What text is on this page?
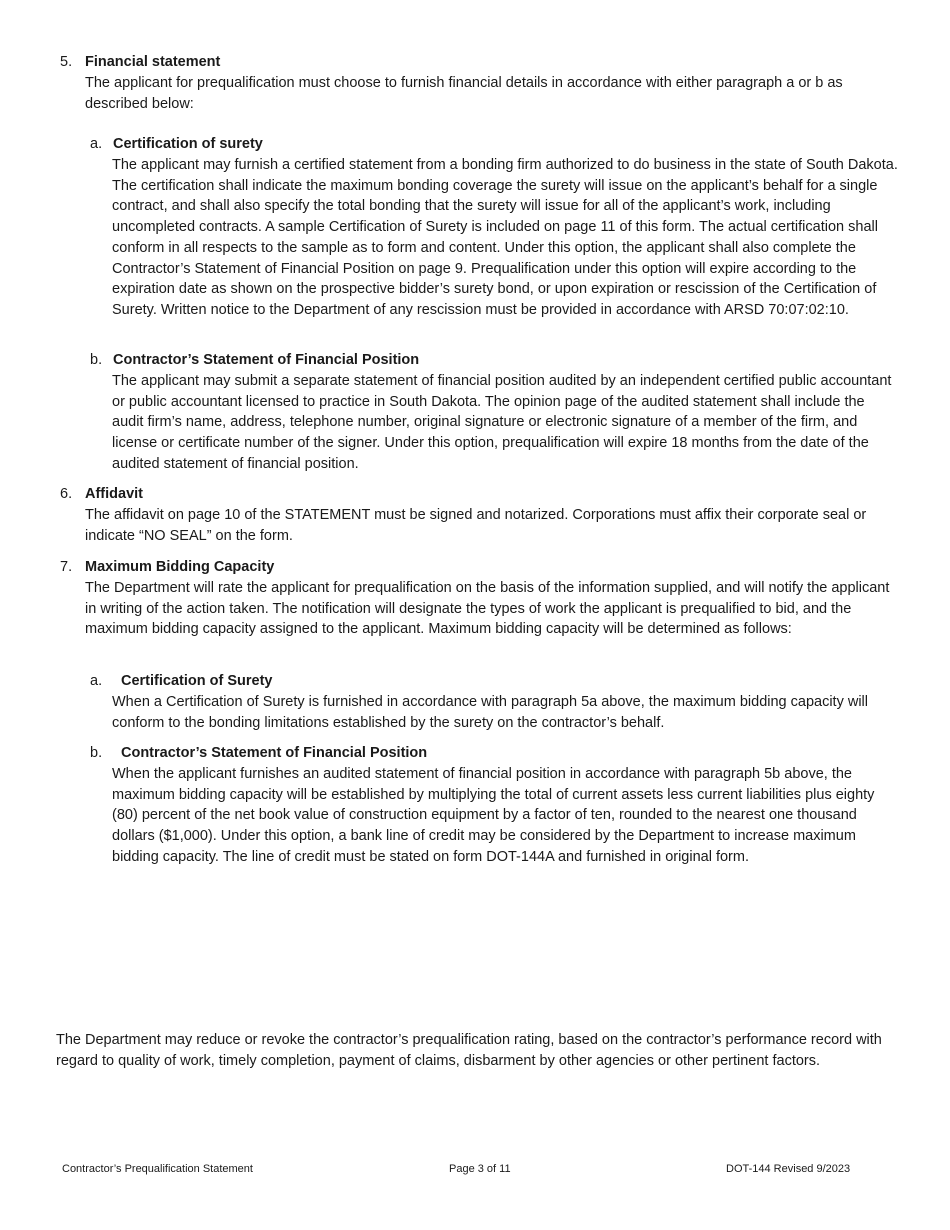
5. Financial statement
The applicant for prequalification must choose to furnish financial details in accordance with either paragraph a or b as described below:
a. Certification of surety
The applicant may furnish a certified statement from a bonding firm authorized to do business in the state of South Dakota. The certification shall indicate the maximum bonding coverage the surety will issue on the applicant’s behalf for a single contract, and shall also specify the total bonding that the surety will issue for all of the applicant’s work, including uncompleted contracts. A sample Certification of Surety is included on page 11 of this form. The actual certification shall conform in all respects to the sample as to form and content. Under this option, the applicant shall also complete the Contractor’s Statement of Financial Position on page 9. Prequalification under this option will expire according to the expiration date as shown on the prospective bidder’s surety bond, or upon expiration or rescission of the Certification of Surety. Written notice to the Department of any rescission must be provided in accordance with ARSD 70:07:02:10.
b. Contractor’s Statement of Financial Position
The applicant may submit a separate statement of financial position audited by an independent certified public accountant or public accountant licensed to practice in South Dakota. The opinion page of the audited statement shall include the audit firm’s name, address, telephone number, original signature or electronic signature of a member of the firm, and license or certificate number of the signer. Under this option, prequalification will expire 18 months from the date of the audited statement of financial position.
6. Affidavit
The affidavit on page 10 of the STATEMENT must be signed and notarized. Corporations must affix their corporate seal or indicate “NO SEAL” on the form.
7. Maximum Bidding Capacity
The Department will rate the applicant for prequalification on the basis of the information supplied, and will notify the applicant in writing of the action taken. The notification will designate the types of work the applicant is prequalified to bid, and the maximum bidding capacity assigned to the applicant. Maximum bidding capacity will be determined as follows:
a. Certification of Surety
When a Certification of Surety is furnished in accordance with paragraph 5a above, the maximum bidding capacity will conform to the bonding limitations established by the surety on the contractor’s behalf.
b. Contractor’s Statement of Financial Position
When the applicant furnishes an audited statement of financial position in accordance with paragraph 5b above, the maximum bidding capacity will be established by multiplying the total of current assets less current liabilities plus eighty (80) percent of the net book value of construction equipment by a factor of ten, rounded to the nearest one thousand dollars ($1,000). Under this option, a bank line of credit may be considered by the Department to increase maximum bidding capacity. The line of credit must be stated on form DOT-144A and furnished in original form.
The Department may reduce or revoke the contractor’s prequalification rating, based on the contractor’s performance record with regard to quality of work, timely completion, payment of claims, disbarment by other agencies or other pertinent factors.
Contractor’s Prequalification Statement	Page 3 of 11	DOT-144 Revised 9/2023
